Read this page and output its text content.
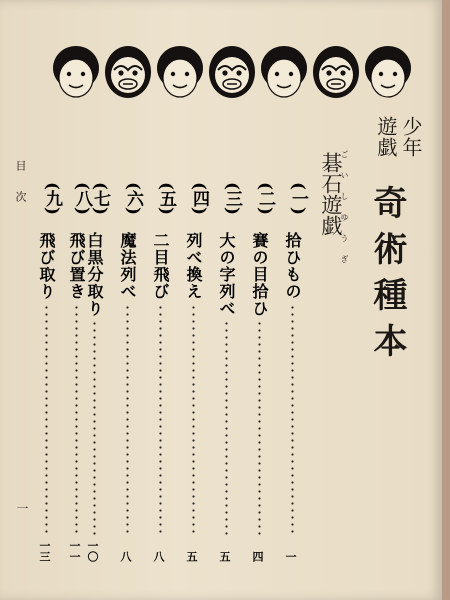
少年
遊戯
奇術種本
碁石遊戯
ごいしゆうぎ
(一)
拾ひもの
一
(二)
賽の目拾ひ
四
(三)
大の字列べ
五
(四)
列べ換え
五
(五)
二目飛び
八
(六)
魔法列べ
八
(七)
白黒分取り
一〇
(八)
飛び置き
一一
(九)
飛び取り
一三
目次
一
